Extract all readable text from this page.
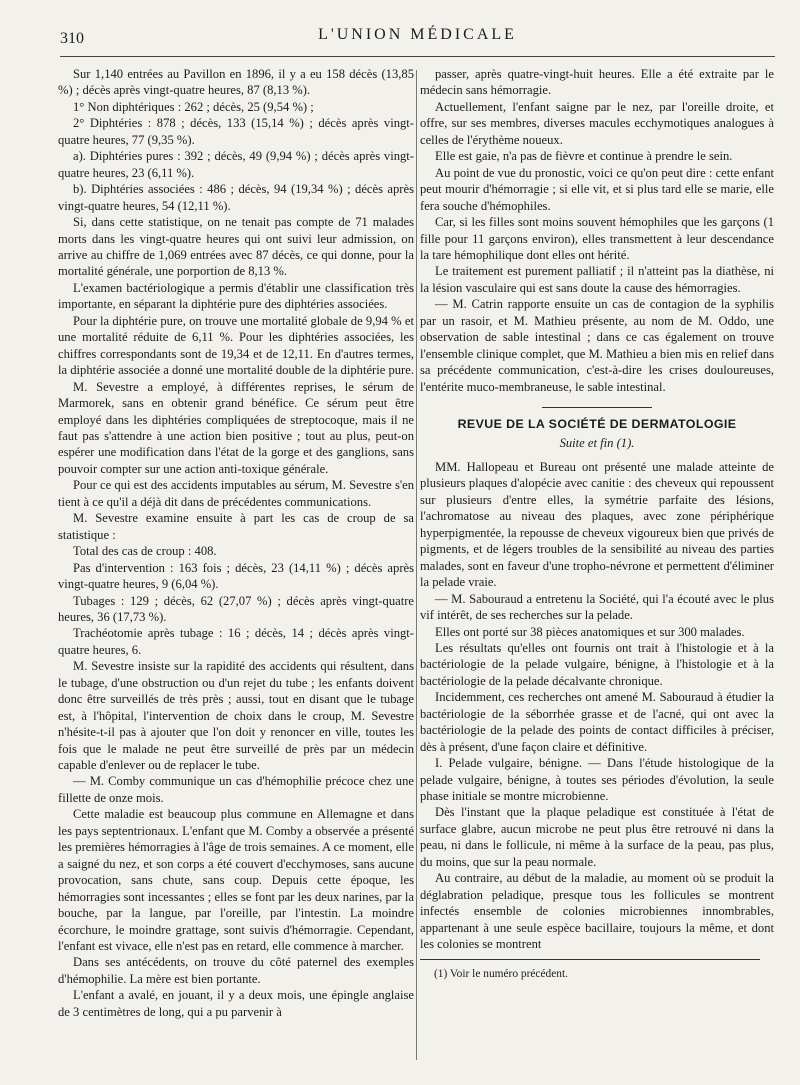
310	L'UNION MÉDICALE

Sur 1,140 entrées au Pavillon en 1896, il y a eu 158 décès (13,85 %) ; décès après vingt-quatre heures, 87 (8,13 %).

1° Non diphtériques : 262 ; décès, 25 (9,54 %) ;

2° Diphtéries : 878 ; décès, 133 (15,14 %) ; décès après vingt-quatre heures, 77 (9,35 %).

a). Diphtéries pures : 392 ; décès, 49 (9,94 %) ; décès après vingt-quatre heures, 23 (6,11 %).

b). Diphtéries associées : 486 ; décès, 94 (19,34 %) ; décès après vingt-quatre heures, 54 (12,11 %).

Si, dans cette statistique, on ne tenait pas compte de 71 malades morts dans les vingt-quatre heures qui ont suivi leur admission, on arrive au chiffre de 1,069 entrées avec 87 décès, ce qui donne, pour la mortalité générale, une porportion de 8,13 %.

L'examen bactériologique a permis d'établir une classification très importante, en séparant la diphtérie pure des diphtéries associées.

Pour la diphtérie pure, on trouve une mortalité globale de 9,94 % et une mortalité réduite de 6,11 %. Pour les diphtéries associées, les chiffres correspondants sont de 19,34 et de 12,11. En d'autres termes, la diphtérie associée a donné une mortalité double de la diphtérie pure.

M. Sevestre a employé, à différentes reprises, le sérum de Marmorek, sans en obtenir grand bénéfice. Ce sérum peut être employé dans les diphtéries compliquées de streptocoque, mais il ne faut pas s'attendre à une action bien positive ; tout au plus, peut-on espérer une modification dans l'état de la gorge et des ganglions, sans pouvoir compter sur une action anti-toxique générale.

Pour ce qui est des accidents imputables au sérum, M. Sevestre s'en tient à ce qu'il a déjà dit dans de précédentes communications.

M. Sevestre examine ensuite à part les cas de croup de sa statistique :

Total des cas de croup : 408.

Pas d'intervention : 163 fois ; décès, 23 (14,11 %) ; décès après vingt-quatre heures, 9 (6,04 %).

Tubages : 129 ; décès, 62 (27,07 %) ; décès après vingt-quatre heures, 36 (17,73 %).

Trachéotomie après tubage : 16 ; décès, 14 ; décès après vingt-quatre heures, 6.

M. Sevestre insiste sur la rapidité des accidents qui résultent, dans le tubage, d'une obstruction ou d'un rejet du tube ; les enfants doivent donc être surveillés de très près ; aussi, tout en disant que le tubage est, à l'hôpital, l'intervention de choix dans le croup, M. Sevestre n'hésite-t-il pas à ajouter que l'on doit y renoncer en ville, toutes les fois que le malade ne peut être surveillé de près par un médecin capable d'enlever ou de replacer le tube.

— M. Comby communique un cas d'hémophilie précoce chez une fillette de onze mois.

Cette maladie est beaucoup plus commune en Allemagne et dans les pays septentrionaux. L'enfant que M. Comby a observée a présenté les premières hémorragies à l'âge de trois semaines. A ce moment, elle a saigné du nez, et son corps a été couvert d'ecchymoses, sans aucune provocation, sans chute, sans coup. Depuis cette époque, les hémorragies sont incessantes ; elles se font par les deux narines, par la bouche, par la langue, par l'oreille, par l'intestin. La moindre écorchure, le moindre grattage, sont suivis d'hémorragie. Cependant, l'enfant est vivace, elle n'est pas en retard, elle commence à marcher.

Dans ses antécédents, on trouve du côté paternel des exemples d'hémophilie. La mère est bien portante.

L'enfant a avalé, en jouant, il y a deux mois, une épingle anglaise de 3 centimètres de long, qui a pu parvenir à

passer, après quatre-vingt-huit heures. Elle a été extraite par le médecin sans hémorragie.

Actuellement, l'enfant saigne par le nez, par l'oreille droite, et offre, sur ses membres, diverses macules ecchymotiques analogues à celles de l'érythème noueux.

Elle est gaie, n'a pas de fièvre et continue à prendre le sein.

Au point de vue du pronostic, voici ce qu'on peut dire : cette enfant peut mourir d'hémorragie ; si elle vit, et si plus tard elle se marie, elle fera souche d'hémophiles.

Car, si les filles sont moins souvent hémophiles que les garçons (1 fille pour 11 garçons environ), elles transmettent à leur descendance la tare hémophilique dont elles ont hérité.

Le traitement est purement palliatif ; il n'atteint pas la diathèse, ni la lésion vasculaire qui est sans doute la cause des hémorragies.

— M. Catrin rapporte ensuite un cas de contagion de la syphilis par un rasoir, et M. Mathieu présente, au nom de M. Oddo, une observation de sable intestinal ; dans ce cas également on trouve l'ensemble clinique complet, que M. Mathieu a bien mis en relief dans sa précédente communication, c'est-à-dire les crises douloureuses, l'entérite muco-membraneuse, le sable intestinal.

REVUE DE LA SOCIÉTÉ DE DERMATOLOGIE
Suite et fin (1).

MM. Hallopeau et Bureau ont présenté une malade atteinte de plusieurs plaques d'alopécie avec canitie : des cheveux qui repoussent sur plusieurs d'entre elles, la symétrie parfaite des lésions, l'achromatose au niveau des plaques, avec zone périphérique hyperpigmentée, la repousse de cheveux vigoureux bien que privés de pigments, et de légers troubles de la sensibilité au niveau des parties malades, sont en faveur d'une tropho-névrone et permettent d'éliminer la pelade vraie.

— M. Sabouraud a entretenu la Société, qui l'a écouté avec le plus vif intérêt, de ses recherches sur la pelade.

Elles ont porté sur 38 pièces anatomiques et sur 300 malades.

Les résultats qu'elles ont fournis ont trait à l'histologie et à la bactériologie de la pelade vulgaire, bénigne, à l'histologie et à la bactériologie de la pelade décalvante chronique.

Incidemment, ces recherches ont amené M. Sabouraud à étudier la bactériologie de la séborrhée grasse et de l'acné, qui ont avec la bactériologie de la pelade des points de contact difficiles à préciser, dès à présent, d'une façon claire et définitive.

I. Pelade vulgaire, bénigne. — Dans l'étude histologique de la pelade vulgaire, bénigne, à toutes ses périodes d'évolution, la seule phase initiale se montre microbienne.

Dès l'instant que la plaque peladique est constituée à l'état de surface glabre, aucun microbe ne peut plus être retrouvé ni dans la peau, ni dans le follicule, ni même à la surface de la peau, pas plus, du moins, que sur la peau normale.

Au contraire, au début de la maladie, au moment où se produit la déglabration peladique, presque tous les follicules se montrent infectés ensemble de colonies microbiennes innombrables, appartenant à une seule espèce bacillaire, toujours la même, et dont les colonies se montrent

(1) Voir le numéro précédent.
